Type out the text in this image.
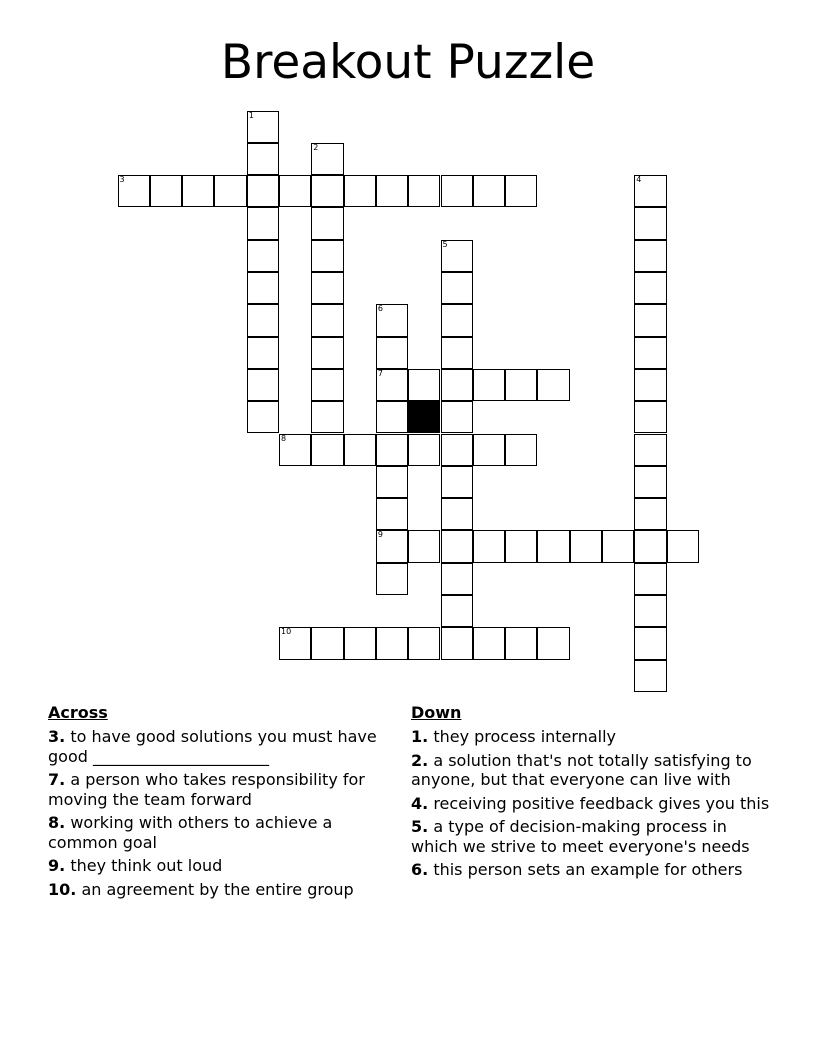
Breakout Puzzle
1
2
3	4
5
6
7
9
8
10
Across
3. to have good solutions you must have good ______________________
7. a person who takes responsibility for moving the team forward
8. working with others to achieve a common goal
9. they think out loud
10. an agreement by the entire group
Down
1. they process internally
2. a solution that's not totally satisfying to anyone, but that everyone can live with
4. receiving positive feedback gives you this
5. a type of decision-making process in which we strive to meet everyone's needs
6. this person sets an example for others
